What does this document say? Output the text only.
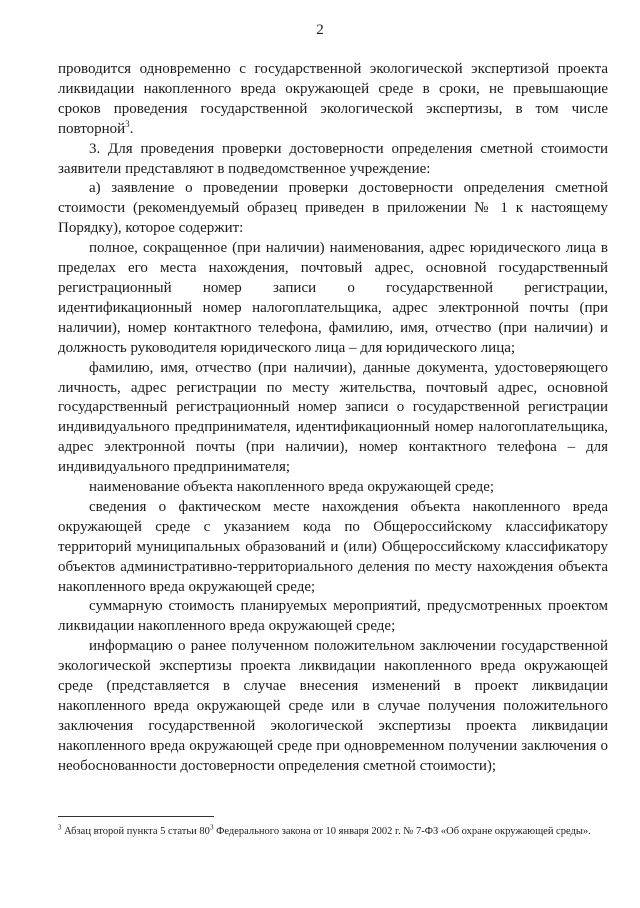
2

проводится одновременно с государственной экологической экспертизой проекта ликвидации накопленного вреда окружающей среде в сроки, не превышающие сроков проведения государственной экологической экспертизы, в том числе повторной$^3$.

3. Для проведения проверки достоверности определения сметной стоимости заявители представляют в подведомственное учреждение:

а) заявление о проведении проверки достоверности определения сметной стоимости (рекомендуемый образец приведен в приложении № 1 к настоящему Порядку), которое содержит:

полное, сокращенное (при наличии) наименования, адрес юридического лица в пределах его места нахождения, почтовый адрес, основной государственный регистрационный номер записи о государственной регистрации, идентификационный номер налогоплательщика, адрес электронной почты (при наличии), номер контактного телефона, фамилию, имя, отчество (при наличии) и должность руководителя юридического лица – для юридического лица;

фамилию, имя, отчество (при наличии), данные документа, удостоверяющего личность, адрес регистрации по месту жительства, почтовый адрес, основной государственный регистрационный номер записи о государственной регистрации индивидуального предпринимателя, идентификационный номер налогоплательщика, адрес электронной почты (при наличии), номер контактного телефона – для индивидуального предпринимателя;

наименование объекта накопленного вреда окружающей среде;

сведения о фактическом месте нахождения объекта накопленного вреда окружающей среде с указанием кода по Общероссийскому классификатору территорий муниципальных образований и (или) Общероссийскому классификатору объектов административно-территориального деления по месту нахождения объекта накопленного вреда окружающей среде;

суммарную стоимость планируемых мероприятий, предусмотренных проектом ликвидации накопленного вреда окружающей среде;

информацию о ранее полученном положительном заключении государственной экологической экспертизы проекта ликвидации накопленного вреда окружающей среде (представляется в случае внесения изменений в проект ликвидации накопленного вреда окружающей среде или в случае получения положительного заключения государственной экологической экспертизы проекта ликвидации накопленного вреда окружающей среде при одновременном получении заключения о необоснованности достоверности определения сметной стоимости);

$^3$ Абзац второй пункта 5 статьи $80^3$ Федерального закона от 10 января 2002 г. № 7-ФЗ «Об охране окружающей среды».
